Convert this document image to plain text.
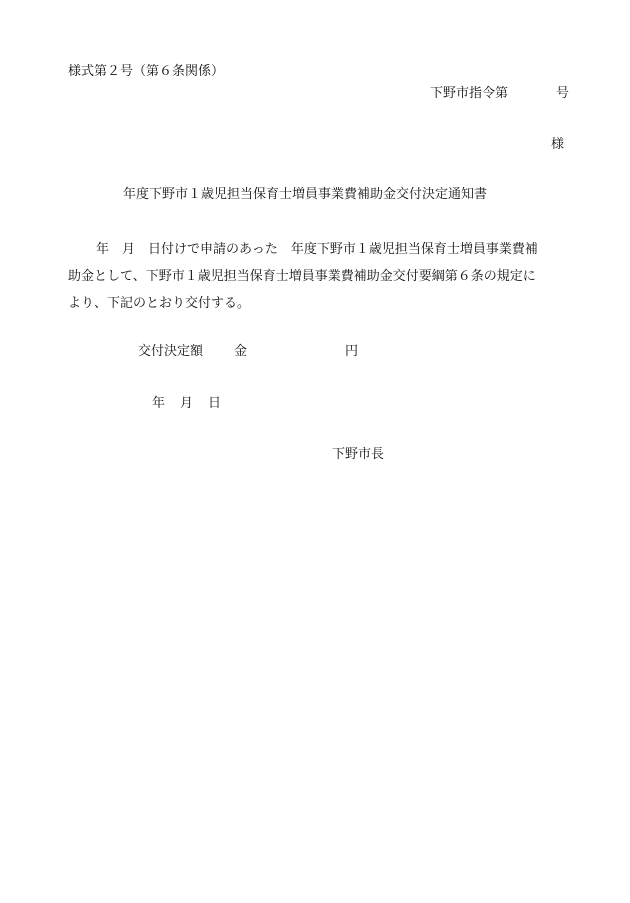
様式第２号（第６条関係）
下野市指令第	号
様
年度下野市１歳児担当保育士増員事業費補助金交付決定通知書
年　月　日付けで申請のあった　年度下野市１歳児担当保育士増員事業費補
助金として、下野市１歳児担当保育士増員事業費補助金交付要綱第６条の規定に
より、下記のとおり交付する。
交付決定額 金	円
年 月 日
下野市長
